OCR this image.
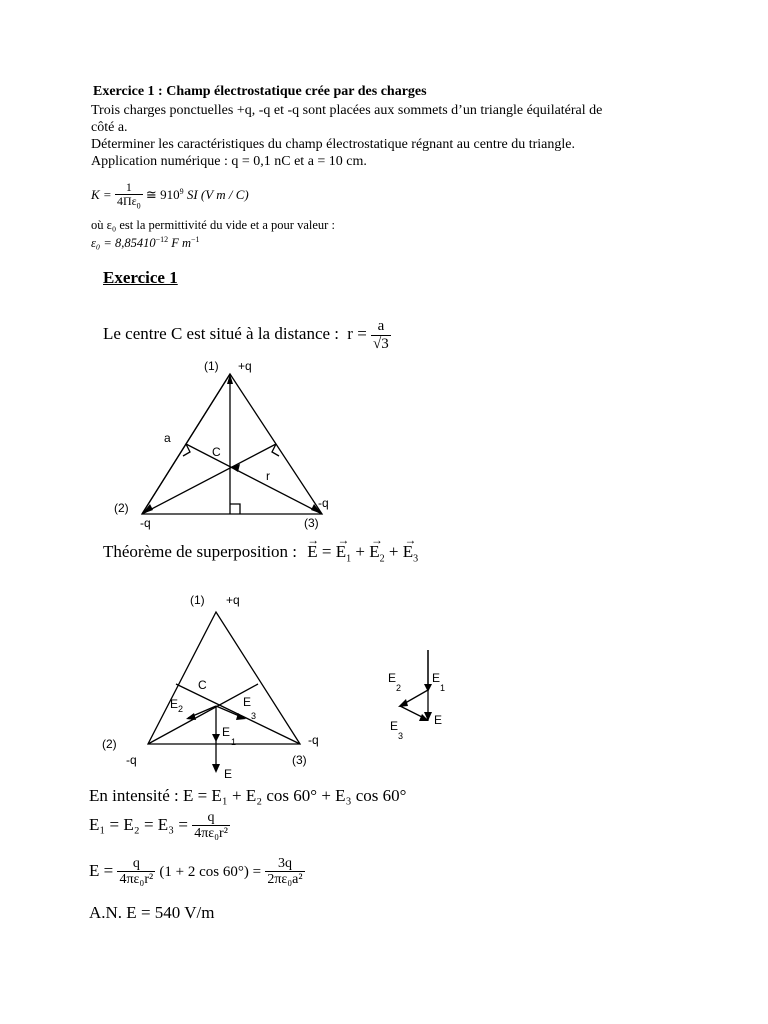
Exercice 1 : Champ électrostatique crée par des charges
Trois charges ponctuelles +q, -q et -q sont placées aux sommets d’un triangle équilatéral de
côté a.
Déterminer les caractéristiques du champ électrostatique régnant au centre du triangle.
Application numérique : q = 0,1 nC et a = 10 cm.
$K = \frac{1}{4\Pi\varepsilon_0}$ ≅ $910^9$ SI (V m / C)
où ε₀ est la permittivité du vide et a pour valeur :
$\varepsilon_0 = 8,85410^{-12}$ F $m^{-1}$
Exercice 1
Le centre C est situé à la distance : $r = \frac{a}{√3}$
(1) +q
(2)
-q	(3)
-q
a
C
r
Théorème de superposition : → E = → $E_1$ + → $E_2$ + → $E_3$
(1) +q
(2)
-q	(3)
-q
C
E 2	E
3
E
1
E
E
2
E
1
E
3
E
En intensité : E = E₁ + E₂ cos 60° + E₃ cos 60°
$E_1 = E_2 = E_3 = \frac{q}{\text{4πε₀r²}}$
$E = \frac{q}{\text{4πε₀r²}} (1 + 2$ $\cos 60^\circ) = \frac{3q}{\text{2πε₀a²}}$
A.N. E = 540 V/m
